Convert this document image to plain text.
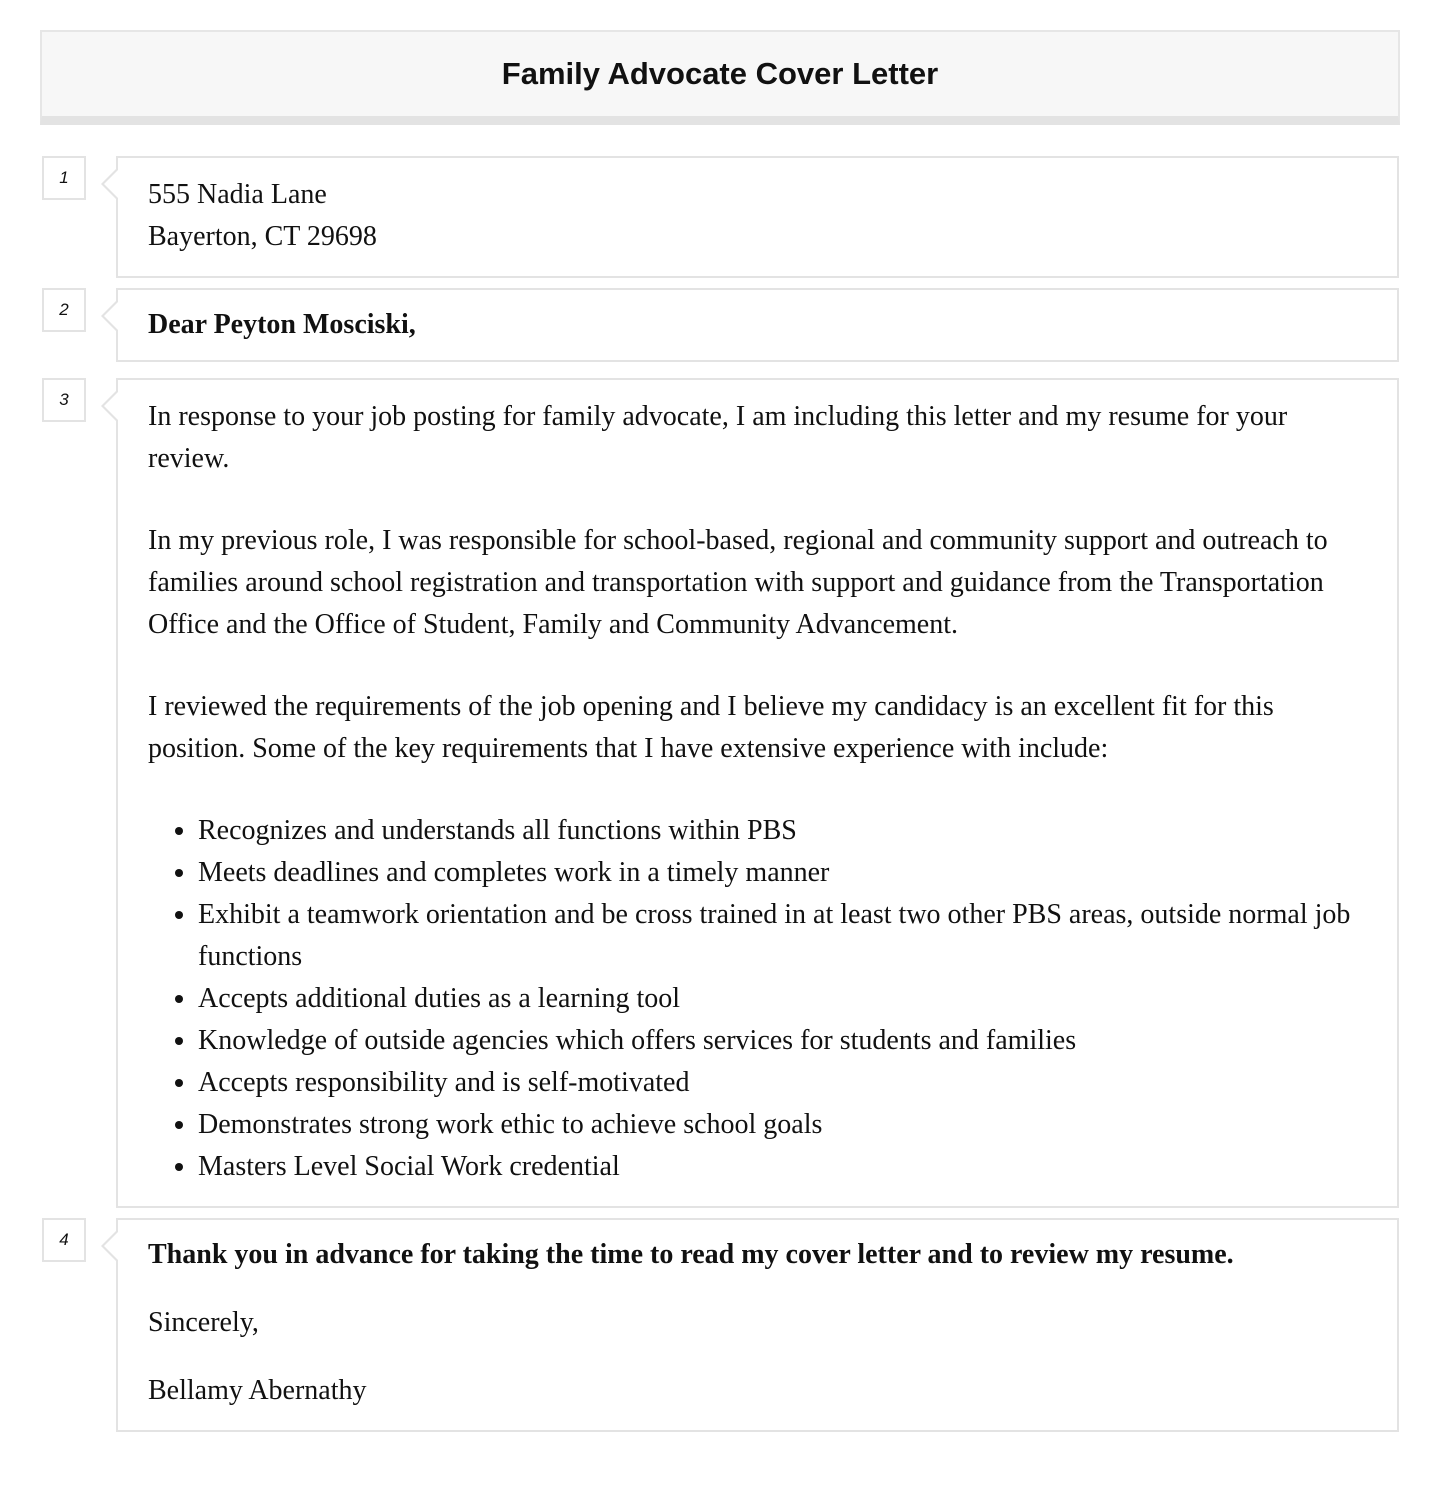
Family Advocate Cover Letter
1
555 Nadia Lane
Bayerton, CT 29698
2	Dear Peyton Mosciski,
3

In response to your job posting for family advocate, I am including this letter and my resume for your review.

In my previous role, I was responsible for school-based, regional and community support and outreach to families around school registration and transportation with support and guidance from the Transportation Office and the Office of Student, Family and Community Advancement.

I reviewed the requirements of the job opening and I believe my candidacy is an excellent fit for this position. Some of the key requirements that I have extensive experience with include:

• Recognizes and understands all functions within PBS
• Meets deadlines and completes work in a timely manner
• Exhibit a teamwork orientation and be cross trained in at least two other PBS areas, outside normal job functions
• Accepts additional duties as a learning tool
• Knowledge of outside agencies which offers services for students and families
• Accepts responsibility and is self-motivated
• Demonstrates strong work ethic to achieve school goals
• Masters Level Social Work credential
4	Thank you in advance for taking the time to read my cover letter and to review my resume.

Sincerely,

Bellamy Abernathy
